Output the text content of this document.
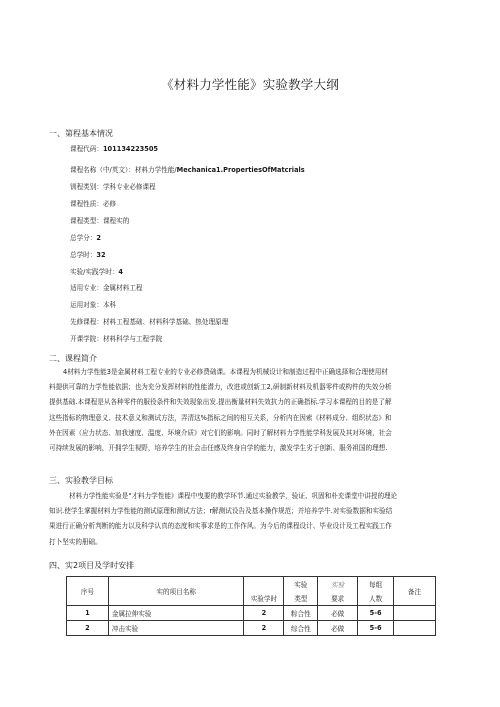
《材料力学性能》实验教学大纲
一、第程基本情况
课程代码：101134223505
课程名称（中/英文）：材料力学性能/Mechanica1.PropertiesOfMatcrials
钏程类别：学科专业必修课程
课程性质：必修
课程类型：课程实的
总学分：2
总学时：32
实验/实践学时：4
适用专业：金属材料工程
运用对象：本科
先修课程：材料工程基础、材料科学基础、热处理原理
开课学院：材料科学与工程学院
二、课程简介
4材料力学性能3是金属材料工程专业的专业必修费础课。本课程为机械设计和制造过程中正确选择和合理使用材
料提供可靠的力学性能依据；也为充分发挥材料的性能潜力，改进或创新工2,研制新材料及机器零件或构件的失效分析
提供基础.本课程是从各种零件的服役条件和失效现象出发.提出衡量材料失效抗力的正确指标.学习本课程的目的是了解
这些指标的物理意义、技术意义和测试方法，弄清这%指标之间的相互关系，分析内在因索《材料成分、组织状态》和
外在因素（应力状态、加我速度、温度、环境介质》对它们的影响。同时了解材料力学性能学科发展及其对环境，社会
可持续发展的影响，开拥学生视野，培养学生的社会击任感及终身自学的能力，激发学生劣于创新、服务祖国的理想.
三、实验教学目标
材料力学性能实验是"才料力学性能》课程中曳要的教学环节.通过实验教学，验证、巩固和朴充课堂中讲授的理论
知识.使学生掌握材料力学性能的测试原理和测试方法；r解测试设告及基本操作规范；并培养学牛.对实验数据和实验结
果进行正确分析判断的能力以及科学认真的态度和实事求是的工作作风。为今后的课程设计、毕业设计及工程实践工作
打卜坚实的册础。
四、实2项目及学时安排
序号	实的项目名称	实验学时	实验	实验	每组	备注
			类型	要求	人数	
1	金属拉伸实验	2	粽合性	必做	5-6	
2	冲击实验	2	综合性	必做	5-6	
